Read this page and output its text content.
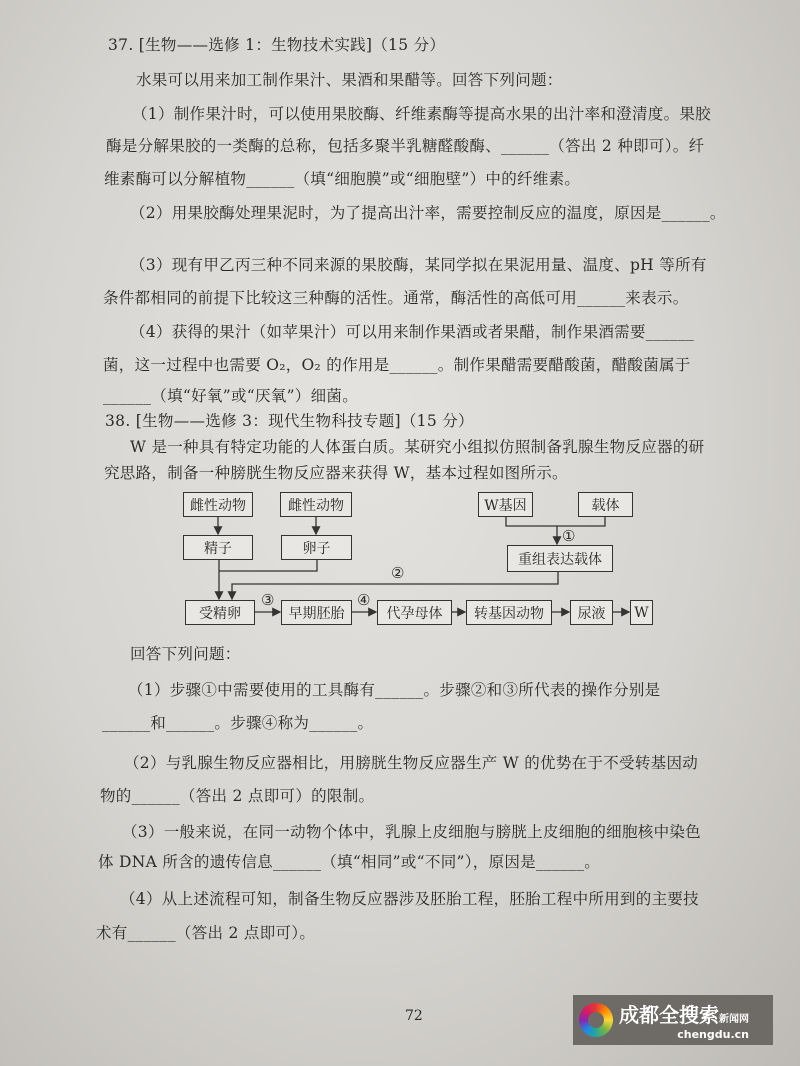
37. [生物——选修 1：生物技术实践]（15 分）
水果可以用来加工制作果汁、果酒和果醋等。回答下列问题：
（1）制作果汁时，可以使用果胶酶、纤维素酶等提高水果的出汁率和澄清度。果胶
酶是分解果胶的一类酶的总称，包括多聚半乳糖醛酸酶、______（答出 2 种即可）。纤
维素酶可以分解植物______（填“细胞膜”或“细胞壁”）中的纤维素。
（2）用果胶酶处理果泥时，为了提高出汁率，需要控制反应的温度，原因是______。
（3）现有甲乙丙三种不同来源的果胶酶，某同学拟在果泥用量、温度、pH 等所有
条件都相同的前提下比较这三种酶的活性。通常，酶活性的高低可用______来表示。
（4）获得的果汁（如苹果汁）可以用来制作果酒或者果醋，制作果酒需要______
菌，这一过程中也需要 O₂，O₂ 的作用是______。制作果醋需要醋酸菌，醋酸菌属于
______（填“好氧”或“厌氧”）细菌。
38. [生物——选修 3：现代生物科技专题]（15 分）
W 是一种具有特定功能的人体蛋白质。某研究小组拟仿照制备乳腺生物反应器的研
究思路，制备一种膀胱生物反应器来获得 W，基本过程如图所示。
雌性动物	雌性动物
精子	卵子
W基因	载体
重组表达载体
受精卵	早期胚胎	代孕母体	转基因动物	尿液	W
①
②
③	④
回答下列问题：
（1）步骤①中需要使用的工具酶有______。步骤②和③所代表的操作分别是
______和______。步骤④称为______。
（2）与乳腺生物反应器相比，用膀胱生物反应器生产 W 的优势在于不受转基因动
物的______（答出 2 点即可）的限制。
（3）一般来说，在同一动物个体中，乳腺上皮细胞与膀胱上皮细胞的细胞核中染色
体 DNA 所含的遗传信息______（填“相同”或“不同”），原因是______。
（4）从上述流程可知，制备生物反应器涉及胚胎工程，胚胎工程中所用到的主要技
术有______（答出 2 点即可）。
72	成都全搜索新闻网
chengdu.cn
